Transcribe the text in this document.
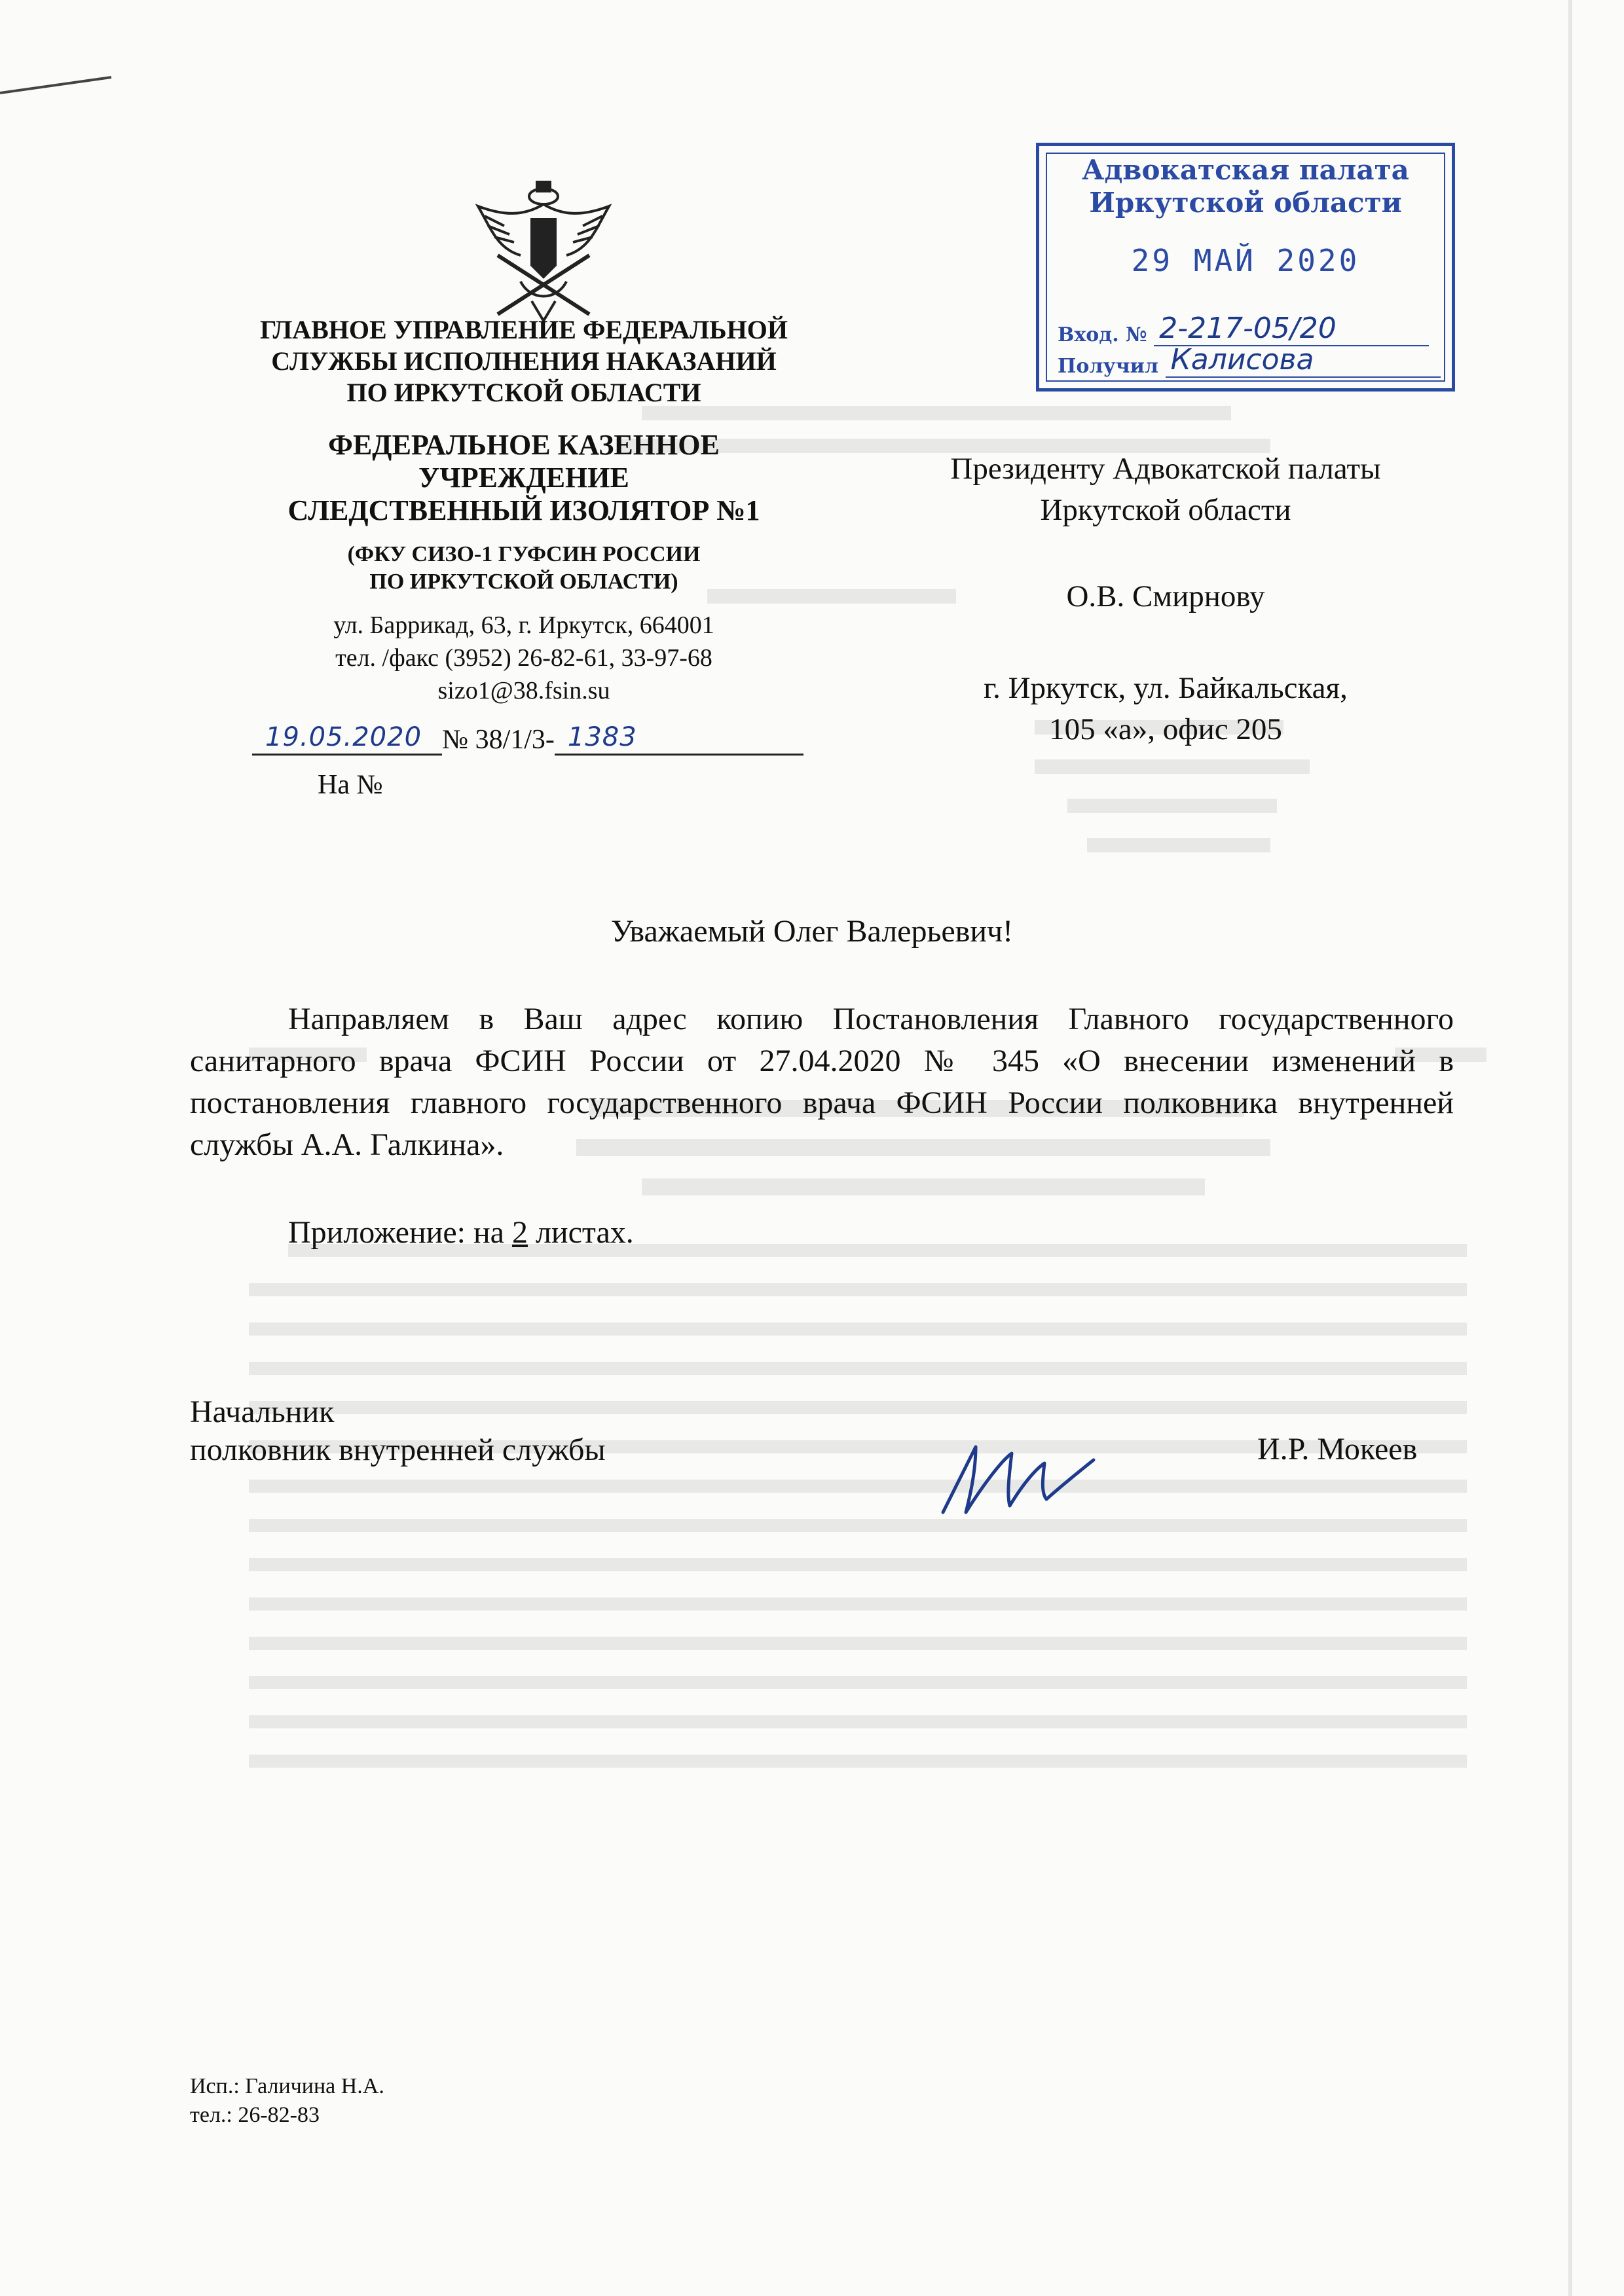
ГЛАВНОЕ УПРАВЛЕНИЕ ФЕДЕРАЛЬНОЙ
СЛУЖБЫ ИСПОЛНЕНИЯ НАКАЗАНИЙ
ПО ИРКУТСКОЙ ОБЛАСТИ
ФЕДЕРАЛЬНОЕ КАЗЕННОЕ
УЧРЕЖДЕНИЕ
СЛЕДСТВЕННЫЙ ИЗОЛЯТОР №1
(ФКУ СИЗО-1 ГУФСИН РОССИИ
ПО ИРКУТСКОЙ ОБЛАСТИ)
ул. Баррикад, 63, г. Иркутск, 664001
тел. /факс (3952) 26-82-61, 33-97-68
sizo1@38.fsin.su
19.05.2020 № 38/1/3- 1383
На №
Адвокатская палата
Иркутской области
29 МАЙ 2020
Вход. № 2-217-05/20
Получил Калисова
Президенту Адвокатской палаты
Иркутской области
О.В. Смирнову
г. Иркутск, ул. Байкальская,
105 «а», офис 205
Уважаемый Олег Валерьевич!
Направляем в Ваш адрес копию Постановления Главного государственного санитарного врача ФСИН России от 27.04.2020 № 345 «О внесении изменений в постановления главного государственного врача ФСИН России полковника внутренней службы А.А. Галкина».
Приложение: на 2 листах.
Начальник
полковник внутренней службы	И.Р. Мокеев
Исп.: Галичина Н.А.
тел.: 26-82-83
